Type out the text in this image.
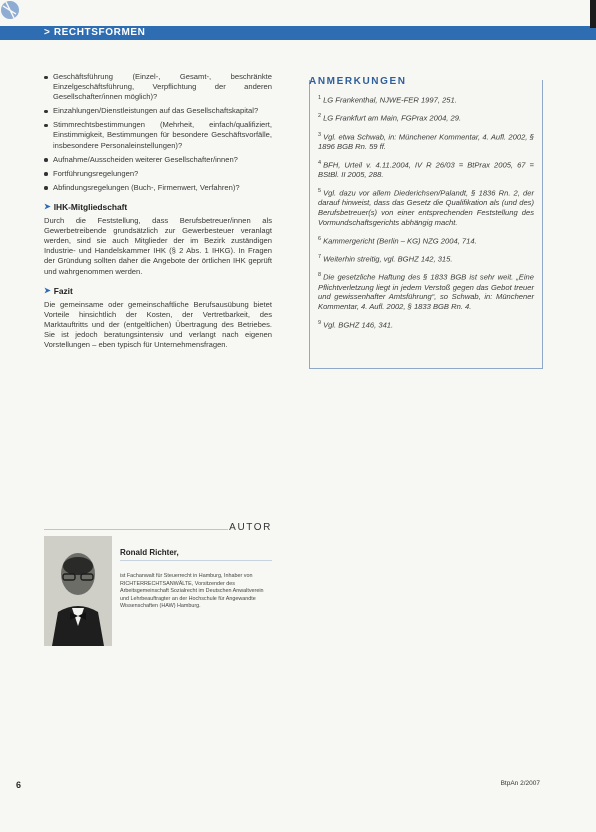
> RECHTSFORMEN
Geschäftsführung (Einzel-, Gesamt-, beschränkte Einzelgeschäftsführung, Verpflichtung der anderen Gesellschafter/innen möglich)?
Einzahlungen/Dienstleistungen auf das Gesellschaftskapital?
Stimmrechtsbestimmungen (Mehrheit, einfach/qualifiziert, Einstimmigkeit, Bestimmungen für besondere Geschäftsvorfälle, insbesondere Personaleinstellungen)?
Aufnahme/Ausscheiden weiterer Gesellschafter/innen?
Fortführungsregelungen?
Abfindungsregelungen (Buch-, Firmenwert, Verfahren)?
➤ IHK-Mitgliedschaft

Durch die Feststellung, dass Berufsbetreuer/innen als Gewerbetreibende grundsätzlich zur Gewerbesteuer veranlagt werden, sind sie auch Mitglieder der im Bezirk zuständigen Industrie- und Handelskammer IHK (§ 2 Abs. 1 IHKG). In Fragen der Gründung sollten daher die Angebote der örtlichen IHK geprüft und wahrgenommen werden.

➤ Fazit

Die gemeinsame oder gemeinschaftliche Berufsausübung bietet Vorteile hinsichtlich der Kosten, der Vertretbarkeit, des Marktauftritts und der (entgeltlichen) Übertragung des Betriebes. Sie ist jedoch beratungsintensiv und verlangt nach eigenen Vorstellungen – eben typisch für Unternehmensfragen.

AUTOR
Ronald Richter,
ist Fachanwalt für Steuerrecht in Hamburg, Inhaber von RICHTERRECHTSANWÄLTE, Vorsitzender des Arbeitsgemeinschaft Sozialrecht im Deutschen Anwaltverein und Lehrbeauftragter an der Hochschule für Angewandte Wissenschaften (HAW) Hamburg.
ANMERKUNGEN
$^1$ LG Frankenthal, NJWE-FER 1997, 251.
$^2$ LG Frankfurt am Main, FGPrax 2004, 29.
$^3$ Vgl. etwa Schwab, in: Münchener Kommentar, 4. Aufl. 2002, § 1896 BGB Rn. 59 ff.
$^4$ BFH, Urteil v. 4.11.2004, IV R 26/03 = BtPrax 2005, 67 = BStBl. II 2005, 288.
$^5$ Vgl. dazu vor allem Diederichsen/Palandt, § 1836 Rn. 2, der darauf hinweist, dass das Gesetz die Qualifikation als (und des) Berufsbetreuer(s) von einer entsprechenden Feststellung des Vormundschaftsgerichts abhängig macht.
$^6$ Kammergericht (Berlin – KG) NZG 2004, 714.
$^7$ Weiterhin streitig, vgl. BGHZ 142, 315.
$^8$ Die gesetzliche Haftung des § 1833 BGB ist sehr weit. „Eine Pflichtverletzung liegt in jedem Verstoß gegen das Gebot treuer und gewissenhafter Amtsführung“, so Schwab, in: Münchener Kommentar, 4. Aufl. 2002, § 1833 BGB Rn. 4.
$^9$ Vgl. BGHZ 146, 341.
6	BtpAn 2/2007
